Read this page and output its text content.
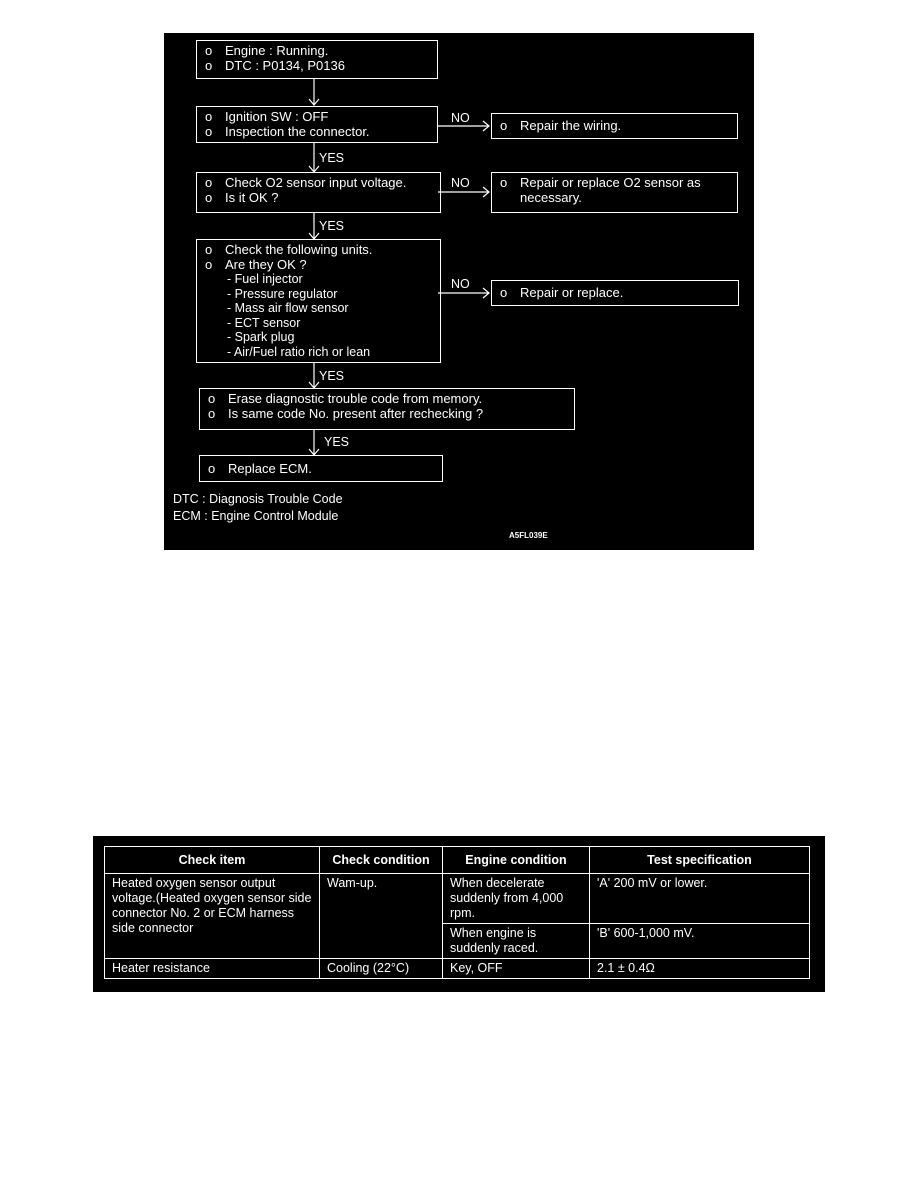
o Engine : Running.
o DTC : P0134, P0136
o Ignition SW : OFF
o Inspection the connector.
NO o Repair the wiring.
YES
o Check O2 sensor input voltage.
o Is it OK ?
NO o Repair or replace O2 sensor as
necessary.
YES
o Check the following units.
o Are they OK ?
- Fuel injector
- Pressure regulator
- Mass air flow sensor
- ECT sensor
- Spark plug
- Air/Fuel ratio rich or lean
NO
o Repair or replace.
YES
o Erase diagnostic trouble code from memory.
o Is same code No. present after rechecking ?
YES
o Replace ECM.
DTC : Diagnosis Trouble Code
ECM : Engine Control Module
A5FL039E
Check item	Check condition	Engine condition	Test specification
Heated oxygen sensor output voltage.(Heated oxygen sensor side connector No. 2 or ECM harness side connector	Wam-up.	When decelerate suddenly from 4,000 rpm.	'A' 200 mV or lower.
		When engine is suddenly raced.	'B' 600-1,000 mV.
Heater resistance	Cooling (22°C)	Key, OFF	2.1 ± 0.4Ω
